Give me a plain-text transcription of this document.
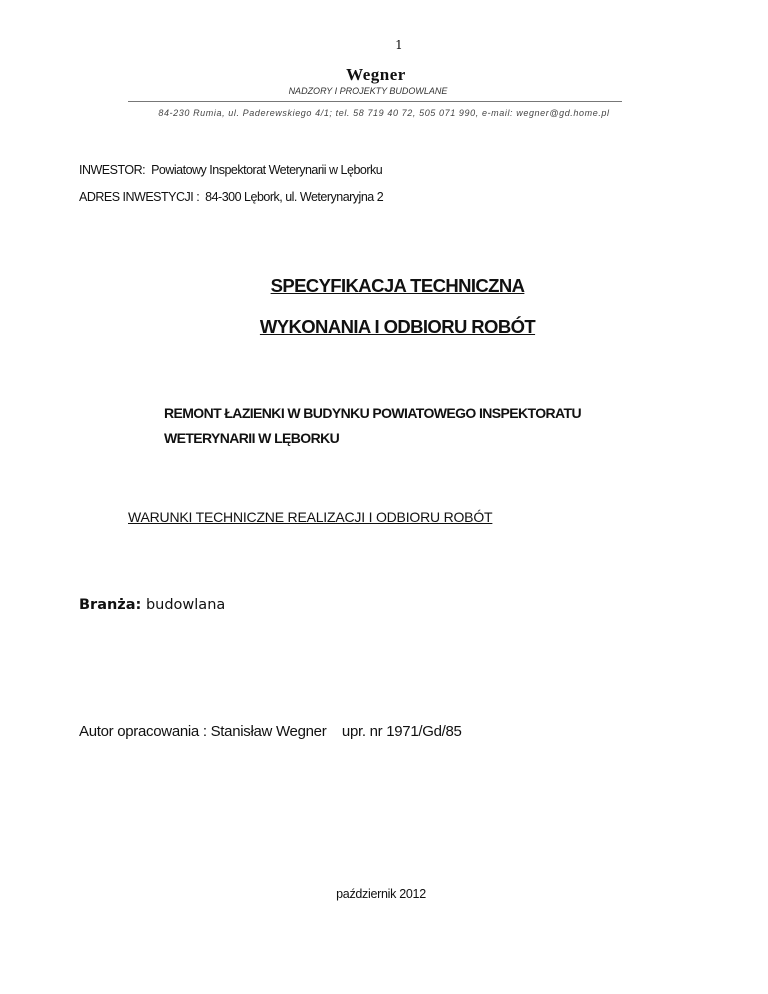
1
Wegner
NADZORY I PROJEKTY BUDOWLANE
84-230 Rumia, ul. Paderewskiego 4/1; tel. 58 719 40 72, 505 071 990, e-mail: wegner@gd.home.pl
INWESTOR: Powiatowy Inspektorat Weterynarii w Lęborku
ADRES INWESTYCJI : 84-300 Lębork, ul. Weterynaryjna 2
SPECYFIKACJA TECHNICZNA
WYKONANIA I ODBIORU ROBÓT
REMONT ŁAZIENKI W BUDYNKU POWIATOWEGO INSPEKTORATU
WETERYNARII W LĘBORKU
WARUNKI TECHNICZNE REALIZACJI I ODBIORU ROBÓT
Branża: budowlana
Autor opracowania : Stanisław Wegner upr. nr 1971/Gd/85
październik 2012
